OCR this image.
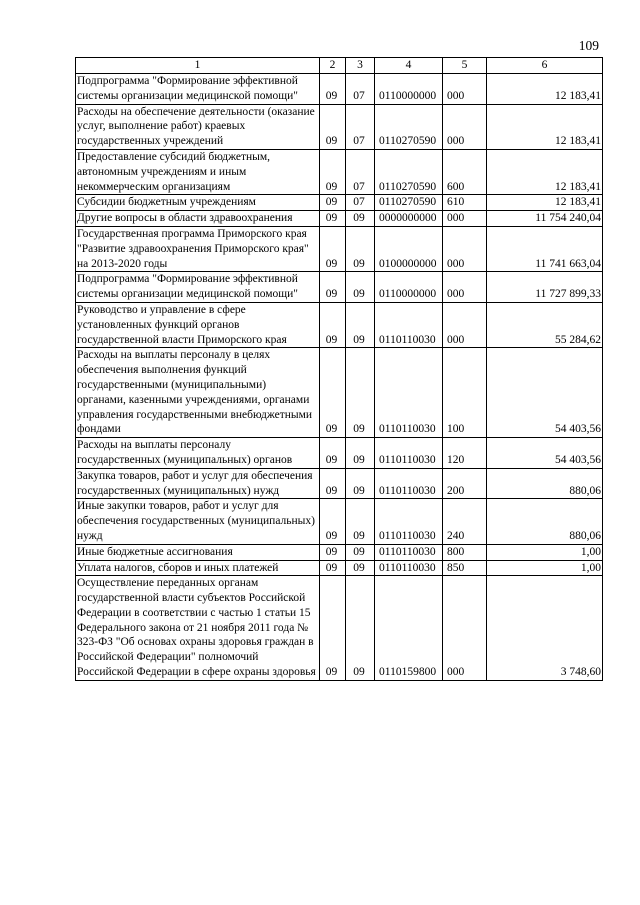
109
1	2	3	4	5	6
Подпрограмма "Формирование эффективной системы организации медицинской помощи"	09	07	0110000000	000	12 183,41
Расходы на обеспечение деятельности (оказание услуг, выполнение работ) краевых государственных учреждений	09	07	0110270590	000	12 183,41
Предоставление субсидий бюджетным, автономным учреждениям и иным некоммерческим организациям	09	07	0110270590	600	12 183,41
Субсидии бюджетным учреждениям	09	07	0110270590	610	12 183,41
Другие вопросы в области здравоохранения	09	09	0000000000	000	11 754 240,04
Государственная программа Приморского края "Развитие здравоохранения Приморского края" на 2013-2020 годы	09	09	0100000000	000	11 741 663,04
Подпрограмма "Формирование эффективной системы организации медицинской помощи"	09	09	0110000000	000	11 727 899,33
Руководство и управление в сфере установленных функций органов государственной власти Приморского края	09	09	0110110030	000	55 284,62
Расходы на выплаты персоналу в целях обеспечения выполнения функций государственными (муниципальными) органами, казенными учреждениями, органами управления государственными внебюджетными фондами	09	09	0110110030	100	54 403,56
Расходы на выплаты персоналу государственных (муниципальных) органов	09	09	0110110030	120	54 403,56
Закупка товаров, работ и услуг для обеспечения государственных (муниципальных) нужд	09	09	0110110030	200	880,06
Иные закупки товаров, работ и услуг для обеспечения государственных (муниципальных) нужд	09	09	0110110030	240	880,06
Иные бюджетные ассигнования	09	09	0110110030	800	1,00
Уплата налогов, сборов и иных платежей	09	09	0110110030	850	1,00
Осуществление переданных органам государственной власти субъектов Российской Федерации в соответствии с частью 1 статьи 15 Федерального закона от 21 ноября 2011 года № 323-ФЗ "Об основах охраны здоровья граждан в Российской Федерации" полномочий Российской Федерации в сфере охраны здоровья	09	09	0110159800	000	3 748,60
